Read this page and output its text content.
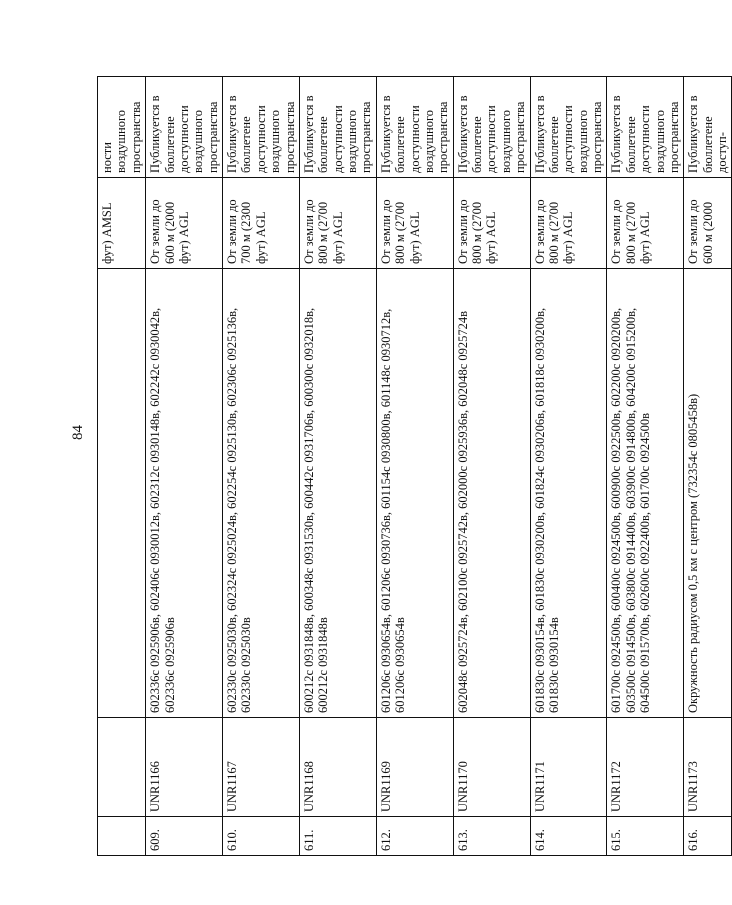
84
			фут) AMSL	ности воздушного пространства
609.	UNR1166	602336с 0925906в, 602406с 0930012в, 602312с 0930148в, 602242с 0930042в, 602336с 0925906в	От земли до 600 м (2000 фут) AGL	Публикуется в бюллетене доступности воздушного пространства
610.	UNR1167	602330с 0925030в, 602324с 0925024в, 602254с 0925130в, 602306с 0925136в, 602330с 0925030в	От земли до 700 м (2300 фут) AGL	Публикуется в бюллетене доступности воздушного пространства
611.	UNR1168	600212с 0931848в, 600348с 0931530в, 600442с 0931706в, 600300с 0932018в, 600212с 0931848в	От земли до 800 м (2700 фут) AGL	Публикуется в бюллетене доступности воздушного пространства
612.	UNR1169	601206с 0930654в, 601206с 0930736в, 601154с 0930800в, 601148с 0930712в, 601206с 0930654в	От земли до 800 м (2700 фут) AGL	Публикуется в бюллетене доступности воздушного пространства
613.	UNR1170	602048с 0925724в, 602100с 0925742в, 602000с 0925936в, 602048с 0925724в	От земли до 800 м (2700 фут) AGL	Публикуется в бюллетене доступности воздушного пространства
614.	UNR1171	601830с 0930154в, 601830с 0930200в, 601824с 0930206в, 601818с 0930200в, 601830с 0930154в	От земли до 800 м (2700 фут) AGL	Публикуется в бюллетене доступности воздушного пространства
615.	UNR1172	601700с 0924500в, 600400с 0924500в, 600900с 0922500в, 602200с 0920200в, 603500с 0914500в, 603800с 0914400в, 603900с 0914800в, 604200с 0915200в, 604500с 0915700в, 602600с 0922400в, 601700с 0924500в	От земли до 800 м (2700 фут) AGL	Публикуется в бюллетене доступности воздушного пространства
616.	UNR1173	Окружность радиусом 0,5 км с центром (732354с 0805458в)	От земли до 600 м (2000	Публикуется в бюллетене доступ-
